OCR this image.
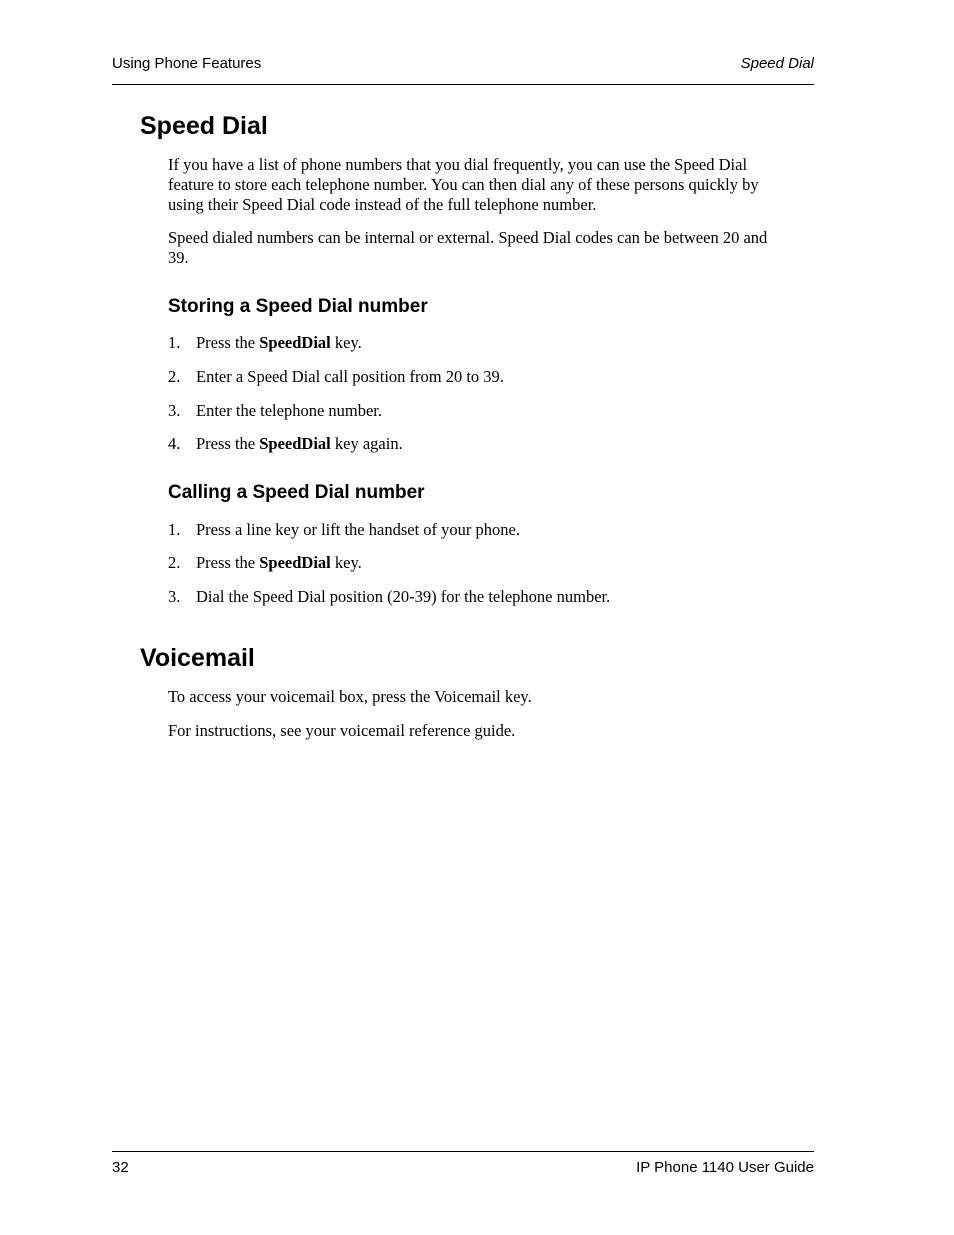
Using Phone Features	Speed Dial
Speed Dial

If you have a list of phone numbers that you dial frequently, you can use the Speed Dial feature to store each telephone number. You can then dial any of these persons quickly by using their Speed Dial code instead of the full telephone number.

Speed dialed numbers can be internal or external. Speed Dial codes can be between 20 and 39.

Storing a Speed Dial number
1. Press the SpeedDial key.
2. Enter a Speed Dial call position from 20 to 39.
3. Enter the telephone number.
4. Press the SpeedDial key again.
Calling a Speed Dial number
1. Press a line key or lift the handset of your phone.
2. Press the SpeedDial key.
3. Dial the Speed Dial position (20-39) for the telephone number.
Voicemail

To access your voicemail box, press the Voicemail key.

For instructions, see your voicemail reference guide.

32	IP Phone 1140 User Guide
